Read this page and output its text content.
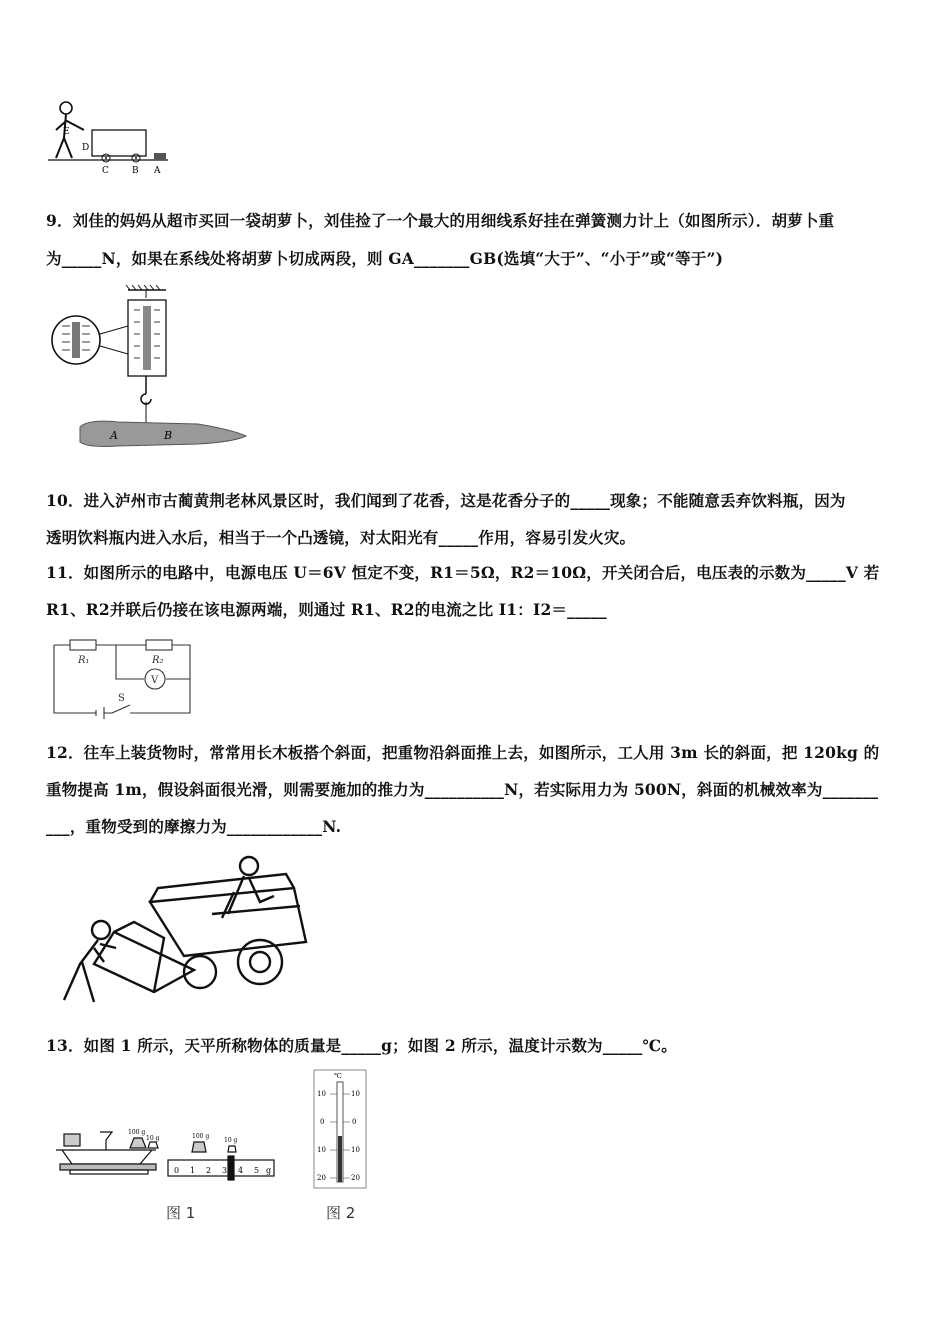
E
D
C	B A
9．刘佳的妈妈从超市买回一袋胡萝卜，刘佳捡了一个最大的用细线系好挂在弹簧测力计上（如图所示）．胡萝卜重
为_____N，如果在系线处将胡萝卜切成两段，则 GA_______GB(选填“大于”、“小于”或“等于”)
A	B
10．进入泸州市古蔺黄荆老林风景区时，我们闻到了花香，这是花香分子的_____现象；不能随意丢弃饮料瓶，因为
透明饮料瓶内进入水后，相当于一个凸透镜，对太阳光有_____作用，容易引发火灾。
11．如图所示的电路中，电源电压 U＝6V 恒定不变，R1＝5Ω，R2＝10Ω，开关闭合后，电压表的示数为_____V 若
R1、R2并联后仍接在该电源两端，则通过 R1、R2的电流之比 I1：I2＝_____
R₁	R₂
V
S
12．往车上装货物时，常常用长木板搭个斜面，把重物沿斜面推上去，如图所示，工人用 3m 长的斜面，把 120kg 的
重物提高 1m，假设斜面很光滑，则需要施加的推力为__________N，若实际用力为 500N，斜面的机械效率为_______
___，重物受到的摩擦力为____________N.
13．如图 1 所示，天平所称物体的质量是_____g；如图 2 所示，温度计示数为_____℃。
100 g
10 g	100 g
10 g
0 1 2 3 4 5 g
图 1
℃
10
0
10
20
10
0
10
20
图 2
